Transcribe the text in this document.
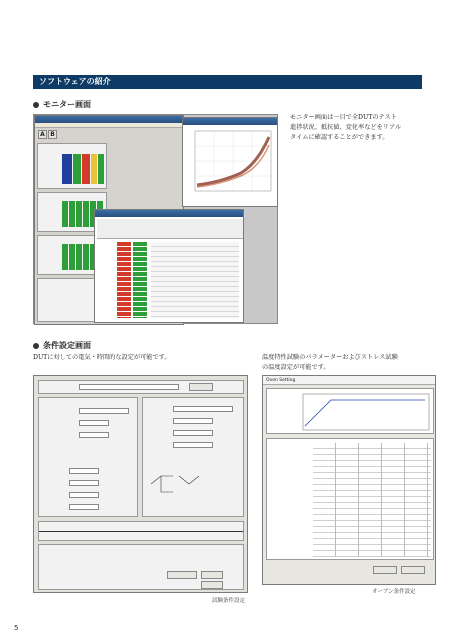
ソフトウェアの紹介
モニター画面
モニター画面は一目で全DUTのテスト
進捗状況、抵抗値、変化率などをリアル
タイムに確認することができます。
A B
条件設定画面
DUTに対しての電気・時間的な設定が可能です。	温度特性試験のパラメーターおよびストレス試験
の温度設定が可能です。
試験条件設定
Oven Setting
オーブン条件設定
5
